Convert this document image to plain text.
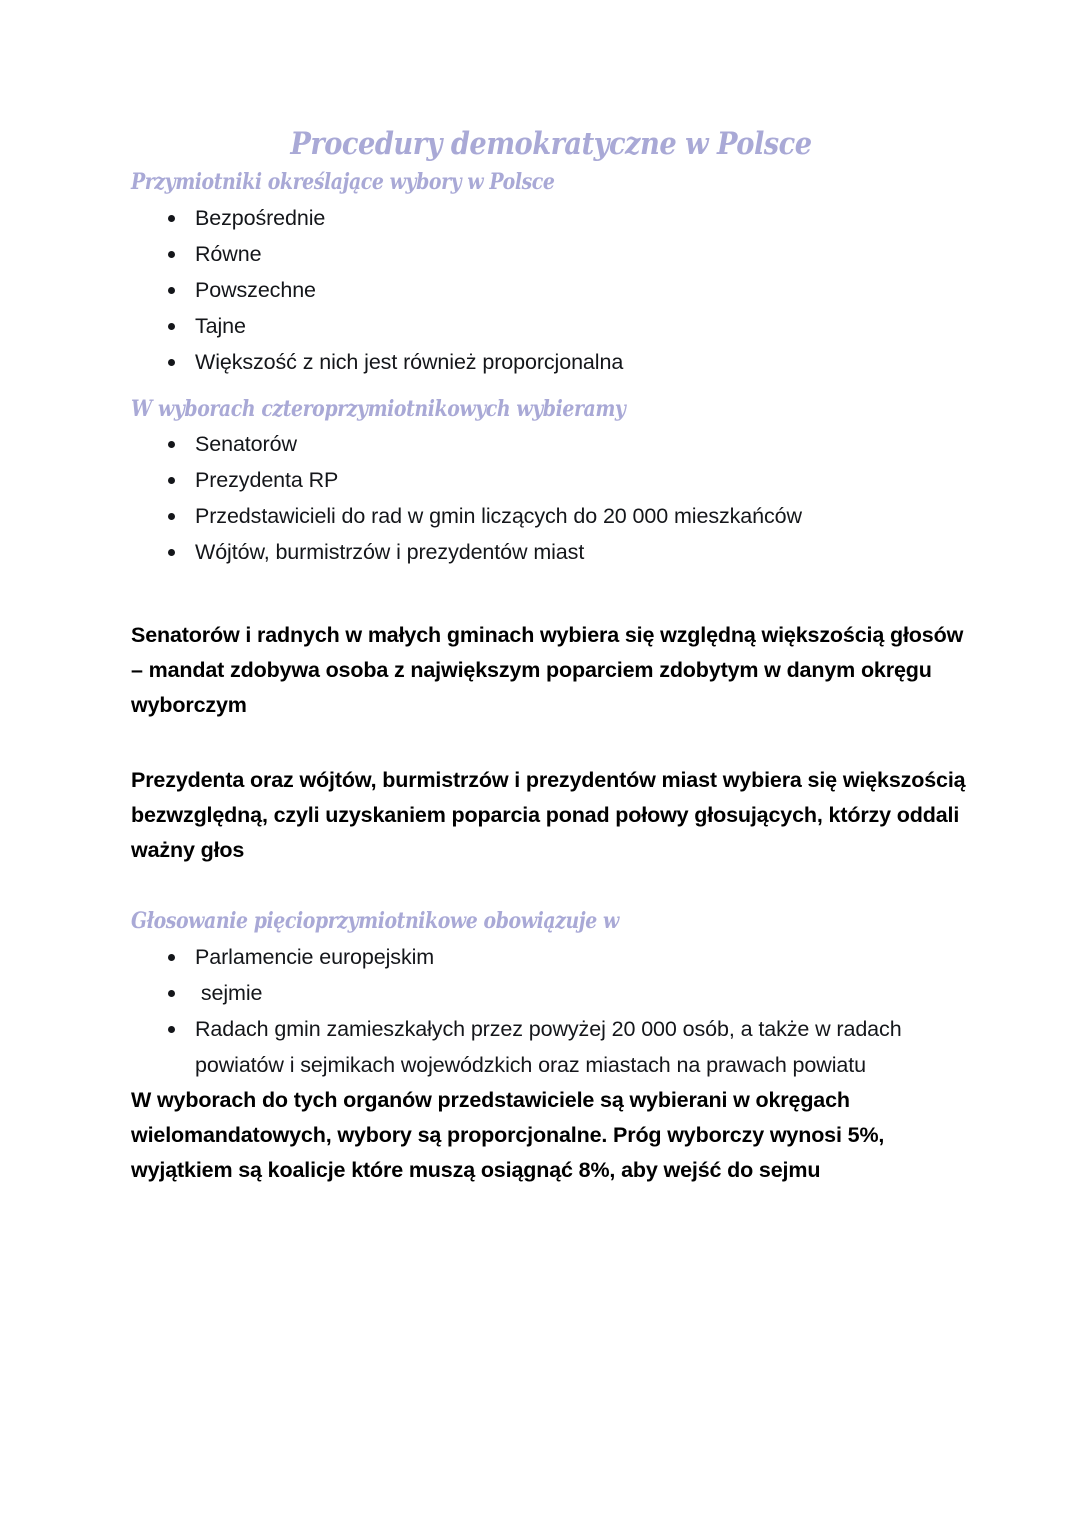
Procedury demokratyczne w Polsce
Przymiotniki określające wybory w Polsce
Bezpośrednie
Równe
Powszechne
Tajne
Większość z nich jest również proporcjonalna
W wyborach czteroprzymiotnikowych wybieramy
Senatorów
Prezydenta RP
Przedstawicieli do rad w gmin liczących do 20 000 mieszkańców
Wójtów, burmistrzów i prezydentów miast

Senatorów i radnych w małych gminach wybiera się względną większością głosów – mandat zdobywa osoba z największym poparciem zdobytym w danym okręgu wyborczym

Prezydenta oraz wójtów, burmistrzów i prezydentów miast wybiera się większością bezwzględną, czyli uzyskaniem poparcia ponad połowy głosujących, którzy oddali ważny głos

Głosowanie pięcioprzymiotnikowe obowiązuje w
Parlamencie europejskim
sejmie
Radach gmin zamieszkałych przez powyżej 20 000 osób, a także w radach powiatów i sejmikach wojewódzkich oraz miastach na prawach powiatu

W wyborach do tych organów przedstawiciele są wybierani w okręgach wielomandatowych, wybory są proporcjonalne. Próg wyborczy wynosi 5%, wyjątkiem są koalicje które muszą osiągnąć 8%, aby wejść do sejmu
